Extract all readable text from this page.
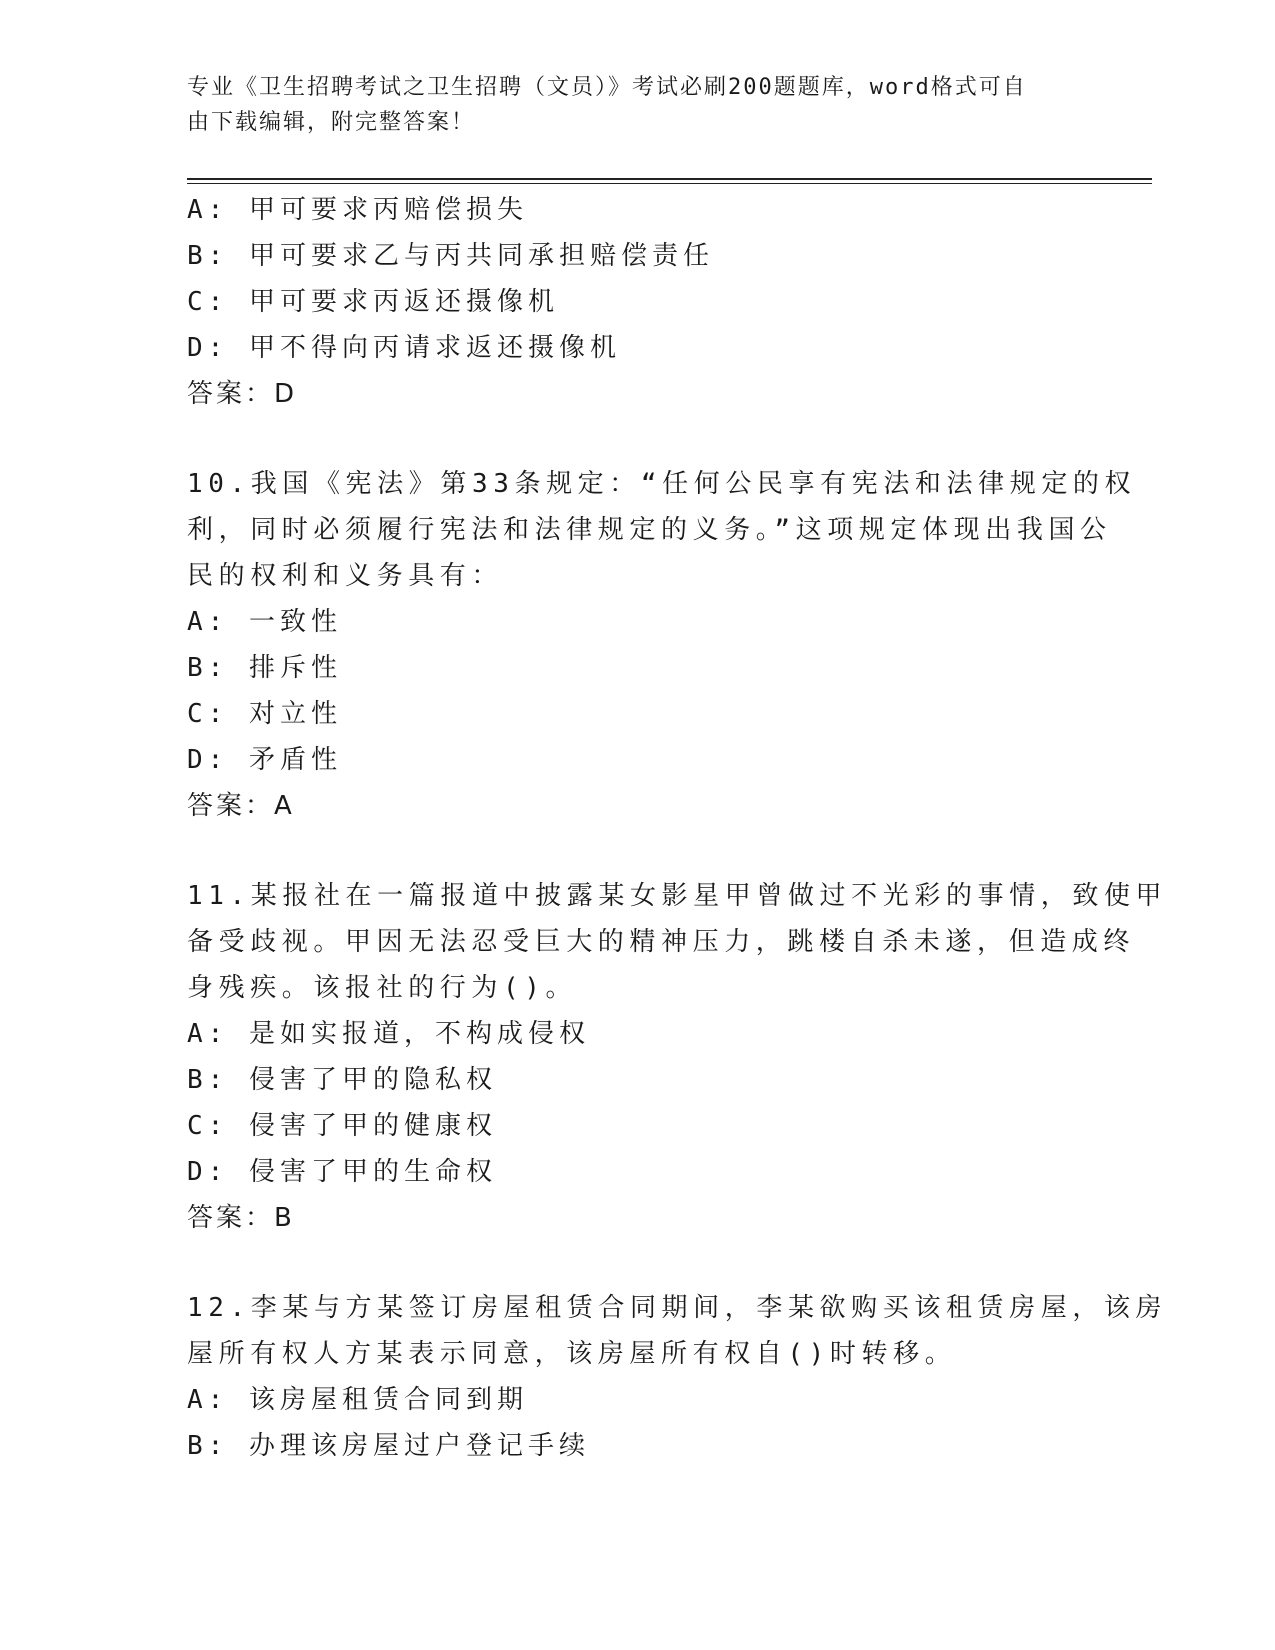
专业《卫生招聘考试之卫生招聘（文员）》考试必刷200题题库，word格式可自
由下载编辑，附完整答案！
A: 甲可要求丙赔偿损失
B: 甲可要求乙与丙共同承担赔偿责任
C: 甲可要求丙返还摄像机
D: 甲不得向丙请求返还摄像机
答案：D
10.我国《宪法》第33条规定：“任何公民享有宪法和法律规定的权
利，同时必须履行宪法和法律规定的义务。”这项规定体现出我国公
民的权利和义务具有：
A: 一致性
B: 排斥性
C: 对立性
D: 矛盾性
答案：A
11.某报社在一篇报道中披露某女影星甲曾做过不光彩的事情，致使甲
备受歧视。甲因无法忍受巨大的精神压力，跳楼自杀未遂，但造成终
身残疾。该报社的行为()。
A: 是如实报道，不构成侵权
B: 侵害了甲的隐私权
C: 侵害了甲的健康权
D: 侵害了甲的生命权
答案：B
12.李某与方某签订房屋租赁合同期间，李某欲购买该租赁房屋，该房
屋所有权人方某表示同意，该房屋所有权自()时转移。
A: 该房屋租赁合同到期
B: 办理该房屋过户登记手续
